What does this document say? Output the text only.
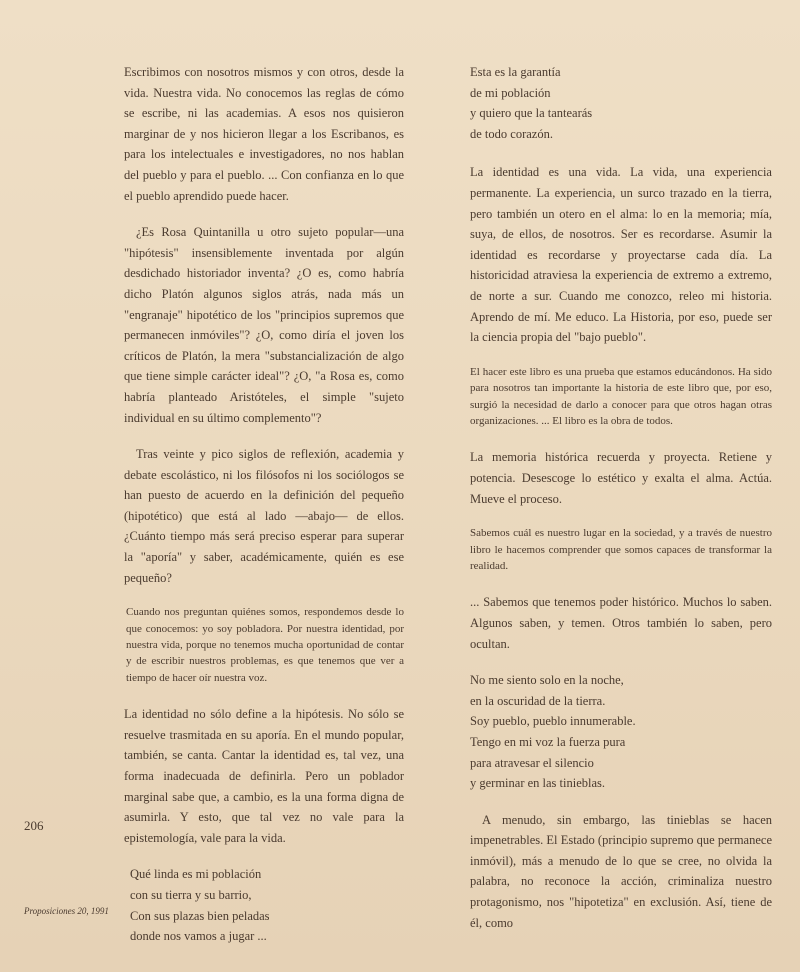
Escribimos con nosotros mismos y con otros, desde la vida. Nuestra vida. No conocemos las reglas de cómo se escribe, ni las academias. A esos nos quisieron marginar de y nos hicieron llegar a los Escribanos, es para los intelectuales e investigadores, no nos hablan del pueblo y para el pueblo. ... Con confianza en lo que el pueblo aprendido puede hacer.

¿Es Rosa Quintanilla u otro sujeto popular—una "hipótesis" insensiblemente inventada por algún desdichado historiador inventa? ¿O es, como habría dicho Platón algunos siglos atrás, nada más un "engranaje" hipotético de los "principios supremos que permanecen inmóviles"? ¿O, como diría el joven los críticos de Platón, la mera "substancialización de algo que tiene simple carácter ideal"? ¿O, "a Rosa es, como habría planteado Aristóteles, el simple "sujeto individual en su último complemento"?

Tras veinte y pico siglos de reflexión, academia y debate escolástico, ni los filósofos ni los sociólogos se han puesto de acuerdo en la definición del pequeño (hipotético) que está al lado —abajo— de ellos. ¿Cuánto tiempo más será preciso esperar para superar la "aporía" y saber, académicamente, quién es ese pequeño?

Cuando nos preguntan quiénes somos, respondemos desde lo que conocemos: yo soy pobladora. Por nuestra identidad, por nuestra vida, porque no tenemos mucha oportunidad de contar y de escribir nuestros problemas, es que tenemos que ver a tiempo de hacer oír nuestra voz.

La identidad no sólo define a la hipótesis. No sólo se resuelve trasmitada en su aporía. En el mundo popular, también, se canta. Cantar la identidad es, tal vez, una forma inadecuada de definirla. Pero un poblador marginal sabe que, a cambio, es la una forma digna de asumirla. Y esto, que tal vez no vale para la epistemología, vale para la vida.

Qué linda es mi población
con su tierra y su barrio,
Con sus plazas bien peladas
donde nos vamos a jugar ...
Esta es la garantía
de mi población
y quiero que la tantearás
de todo corazón.

La identidad es una vida. La vida, una experiencia permanente. La experiencia, un surco trazado en la tierra, pero también un otero en el alma: lo en la memoria; mía, suya, de ellos, de nosotros. Ser es recordarse. Asumir la identidad es recordarse y proyectarse cada día. La historicidad atraviesa la experiencia de extremo a extremo, de norte a sur. Cuando me conozco, releo mi historia. Aprendo de mí. Me educo. La Historia, por eso, puede ser la ciencia propia del "bajo pueblo".

El hacer este libro es una prueba que estamos educándonos. Ha sido para nosotros tan importante la historia de este libro que, por eso, surgió la necesidad de darlo a conocer para que otros hagan otras organizaciones. ... El libro es la obra de todos.

La memoria histórica recuerda y proyecta. Retiene y potencia. Desescoge lo estético y exalta el alma. Actúa. Mueve el proceso.

Sabemos cuál es nuestro lugar en la sociedad, y a través de nuestro libro le hacemos comprender que somos capaces de transformar la realidad.

... Sabemos que tenemos poder histórico. Muchos lo saben. Algunos saben, y temen. Otros también lo saben, pero ocultan.

No me siento solo en la noche,
en la oscuridad de la tierra.
Soy pueblo, pueblo innumerable.
Tengo en mi voz la fuerza pura
para atravesar el silencio
y germinar en las tinieblas.

A menudo, sin embargo, las tinieblas se hacen impenetrables. El Estado (principio supremo que permanece inmóvil), más a menudo de lo que se cree, no olvida la palabra, no reconoce la acción, criminaliza nuestro protagonismo, nos "hipotetiza" en exclusión. Así, tiene de él, como

206
Proposiciones 20, 1991
